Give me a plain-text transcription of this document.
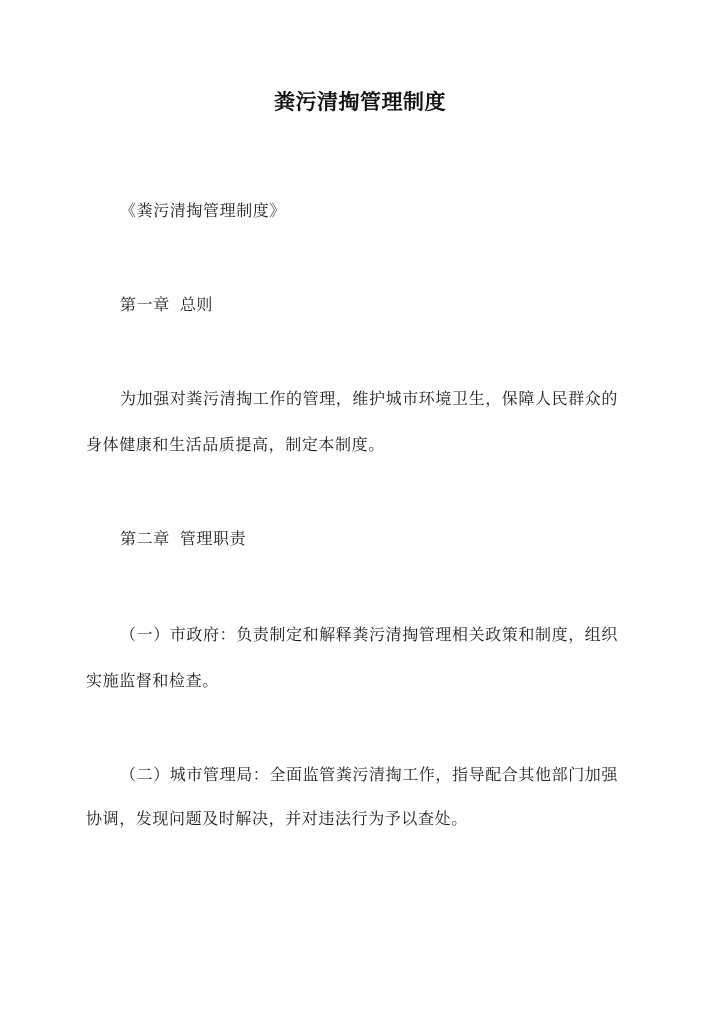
粪污清掏管理制度
《粪污清掏管理制度》
第一章 总则
为加强对粪污清掏工作的管理，维护城市环境卫生，保障人民群众的
身体健康和生活品质提高，制定本制度。
第二章 管理职责
（一）市政府：负责制定和解释粪污清掏管理相关政策和制度，组织
实施监督和检查。
（二）城市管理局：全面监管粪污清掏工作，指导配合其他部门加强
协调，发现问题及时解决，并对违法行为予以查处。
